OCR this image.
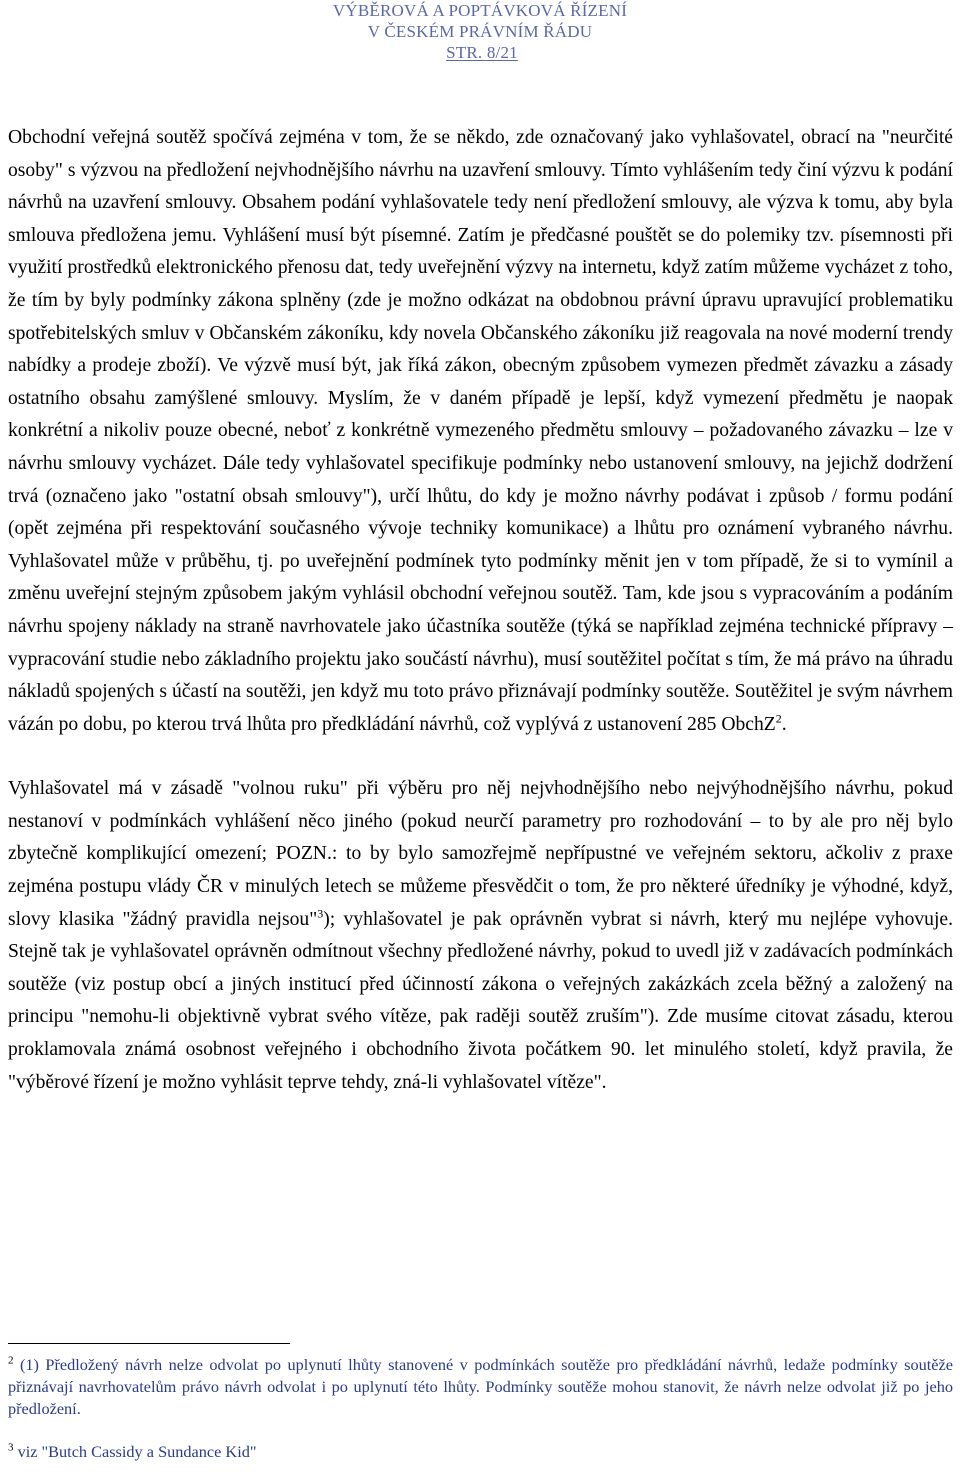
VÝBĚROVÁ A POPTÁVKOVÁ ŘÍZENÍ
V ČESKÉM PRÁVNÍM ŘÁDU
STR. 8/21

Obchodní veřejná soutěž spočívá zejména v tom, že se někdo, zde označovaný jako vyhlašovatel, obrací na "neurčité osoby" s výzvou na předložení nejvhodnějšího návrhu na uzavření smlouvy. Tímto vyhlášením tedy činí výzvu k podání návrhů na uzavření smlouvy. Obsahem podání vyhlašovatele tedy není předložení smlouvy, ale výzva k tomu, aby byla smlouva předložena jemu. Vyhlášení musí být písemné. Zatím je předčasné pouštět se do polemiky tzv. písemnosti při využití prostředků elektronického přenosu dat, tedy uveřejnění výzvy na internetu, když zatím můžeme vycházet z toho, že tím by byly podmínky zákona splněny (zde je možno odkázat na obdobnou právní úpravu upravující problematiku spotřebitelských smluv v Občanském zákoníku, kdy novela Občanského zákoníku již reagovala na nové moderní trendy nabídky a prodeje zboží). Ve výzvě musí být, jak říká zákon, obecným způsobem vymezen předmět závazku a zásady ostatního obsahu zamýšlené smlouvy. Myslím, že v daném případě je lepší, když vymezení předmětu je naopak konkrétní a nikoliv pouze obecné, neboť z konkrétně vymezeného předmětu smlouvy – požadovaného závazku – lze v návrhu smlouvy vycházet. Dále tedy vyhlašovatel specifikuje podmínky nebo ustanovení smlouvy, na jejichž dodržení trvá (označeno jako "ostatní obsah smlouvy"), určí lhůtu, do kdy je možno návrhy podávat i způsob / formu podání (opět zejména při respektování současného vývoje techniky komunikace) a lhůtu pro oznámení vybraného návrhu. Vyhlašovatel může v průběhu, tj. po uveřejnění podmínek tyto podmínky měnit jen v tom případě, že si to vymínil a změnu uveřejní stejným způsobem jakým vyhlásil obchodní veřejnou soutěž. Tam, kde jsou s vypracováním a podáním návrhu spojeny náklady na straně navrhovatele jako účastníka soutěže (týká se například zejména technické přípravy – vypracování studie nebo základního projektu jako součástí návrhu), musí soutěžitel počítat s tím, že má právo na úhradu nákladů spojených s účastí na soutěži, jen když mu toto právo přiznávají podmínky soutěže. Soutěžitel je svým návrhem vázán po dobu, po kterou trvá lhůta pro předkládání návrhů, což vyplývá z ustanovení 285 ObchZ$^2$.

Vyhlašovatel má v zásadě "volnou ruku" při výběru pro něj nejvhodnějšího nebo nejvýhodnějšího návrhu, pokud nestanoví v podmínkách vyhlášení něco jiného (pokud neurčí parametry pro rozhodování – to by ale pro něj bylo zbytečně komplikující omezení; POZN.: to by bylo samozřejmě nepřípustné ve veřejném sektoru, ačkoliv z praxe zejména postupu vlády ČR v minulých letech se můžeme přesvědčit o tom, že pro některé úředníky je výhodné, když, slovy klasika "žádný pravidla nejsou"$^3$); vyhlašovatel je pak oprávněn vybrat si návrh, který mu nejlépe vyhovuje. Stejně tak je vyhlašovatel oprávněn odmítnout všechny předložené návrhy, pokud to uvedl již v zadávacích podmínkách soutěže (viz postup obcí a jiných institucí před účinností zákona o veřejných zakázkách zcela běžný a založený na principu "nemohu-li objektivně vybrat svého vítěze, pak raději soutěž zruším"). Zde musíme citovat zásadu, kterou proklamovala známá osobnost veřejného i obchodního života počátkem 90. let minulého století, když pravila, že "výběrové řízení je možno vyhlásit teprve tehdy, zná-li vyhlašovatel vítěze".

$^2$ (1) Předložený návrh nelze odvolat po uplynutí lhůty stanovené v podmínkách soutěže pro předkládání návrhů, ledaže podmínky soutěže přiznávají navrhovatelům právo návrh odvolat i po uplynutí této lhůty. Podmínky soutěže mohou stanovit, že návrh nelze odvolat již po jeho předložení.

$^3$ viz "Butch Cassidy a Sundance Kid"
